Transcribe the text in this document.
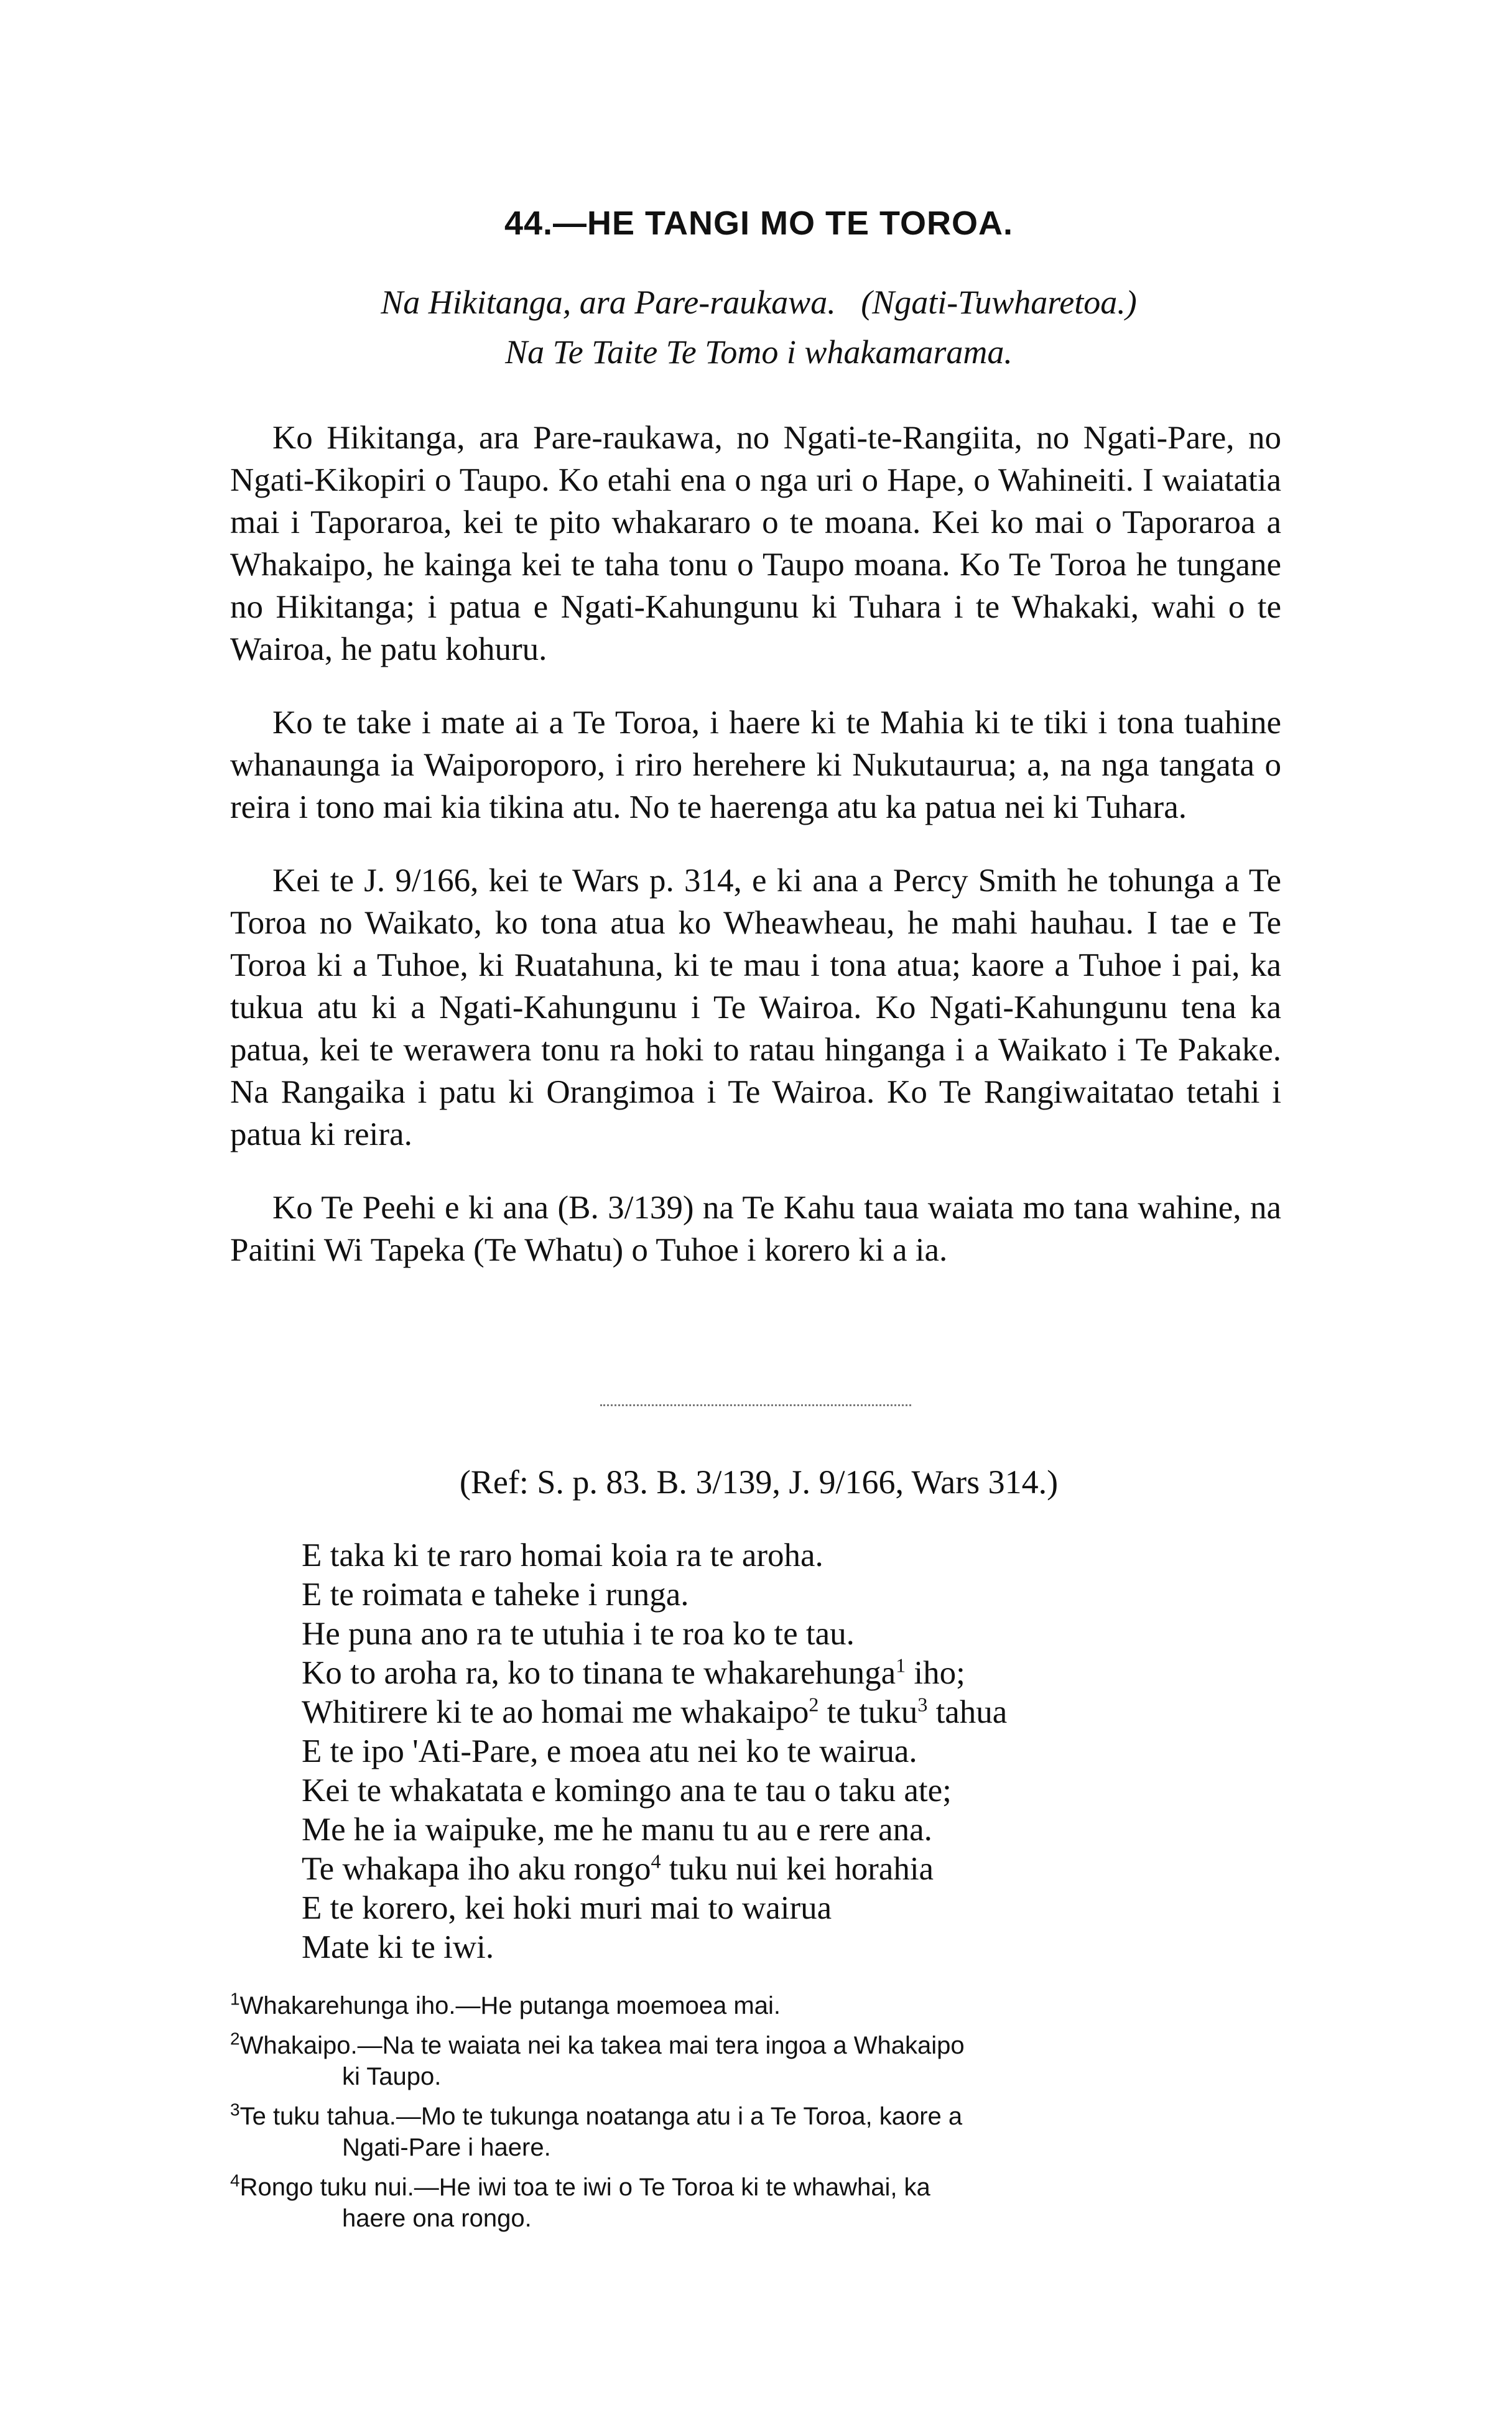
44.—HE TANGI MO TE TOROA.
Na Hikitanga, ara Pare-raukawa.   (Ngati-Tuwharetoa.)
Na Te Taite Te Tomo i whakamarama.

Ko Hikitanga, ara Pare-raukawa, no Ngati-te-Rangiita, no Ngati-Pare, no Ngati-Kikopiri o Taupo. Ko etahi ena o nga uri o Hape, o Wahineiti. I waiatatia mai i Taporaroa, kei te pito whakararo o te moana. Kei ko mai o Taporaroa a Whakaipo, he kainga kei te taha tonu o Taupo moana. Ko Te Toroa he tungane no Hikitanga; i patua e Ngati-Kahungunu ki Tuhara i te Whakaki, wahi o te Wairoa, he patu kohuru.

Ko te take i mate ai a Te Toroa, i haere ki te Mahia ki te tiki i tona tuahine whanaunga ia Waiporoporo, i riro herehere ki Nukutaurua; a, na nga tangata o reira i tono mai kia tikina atu. No te haerenga atu ka patua nei ki Tuhara.

Kei te J. 9/166, kei te Wars p. 314, e ki ana a Percy Smith he tohunga a Te Toroa no Waikato, ko tona atua ko Wheawheau, he mahi hauhau. I tae e Te Toroa ki a Tuhoe, ki Ruatahuna, ki te mau i tona atua; kaore a Tuhoe i pai, ka tukua atu ki a Ngati-Kahungunu i Te Wairoa. Ko Ngati-Kahungunu tena ka patua, kei te werawera tonu ra hoki to ratau hinganga i a Waikato i Te Pakake. Na Rangaika i patu ki Orangimoa i Te Wairoa. Ko Te Rangiwaitatao tetahi i patua ki reira.

Ko Te Peehi e ki ana (B. 3/139) na Te Kahu taua waiata mo tana wahine, na Paitini Wi Tapeka (Te Whatu) o Tuhoe i korero ki a ia.

(Ref: S. p. 83. B. 3/139, J. 9/166, Wars 314.)
E taka ki te raro homai koia ra te aroha.
E te roimata e taheke i runga.
He puna ano ra te utuhia i te roa ko te tau.
Ko to aroha ra, ko to tinana te whakarehunga$^1$ iho;
Whitirere ki te ao homai me whakaipo$^2$ te tuku$^3$ tahua
E te ipo 'Ati-Pare, e moea atu nei ko te wairua.
Kei te whakatata e komingo ana te tau o taku ate;
Me he ia waipuke, me he manu tu au e rere ana.
Te whakapa iho aku rongo$^4$ tuku nui kei horahia
E te korero, kei hoki muri mai to wairua
Mate ki te iwi.
$^1$Whakarehunga iho.—He putanga moemoea mai.
$^2$Whakaipo.—Na te waiata nei ka takea mai tera ingoa a Whakaipo
ki Taupo.
$^3$Te tuku tahua.—Mo te tukunga noatanga atu i a Te Toroa, kaore a
Ngati-Pare i haere.
$^4$Rongo tuku nui.—He iwi toa te iwi o Te Toroa ki te whawhai, ka
haere ona rongo.
